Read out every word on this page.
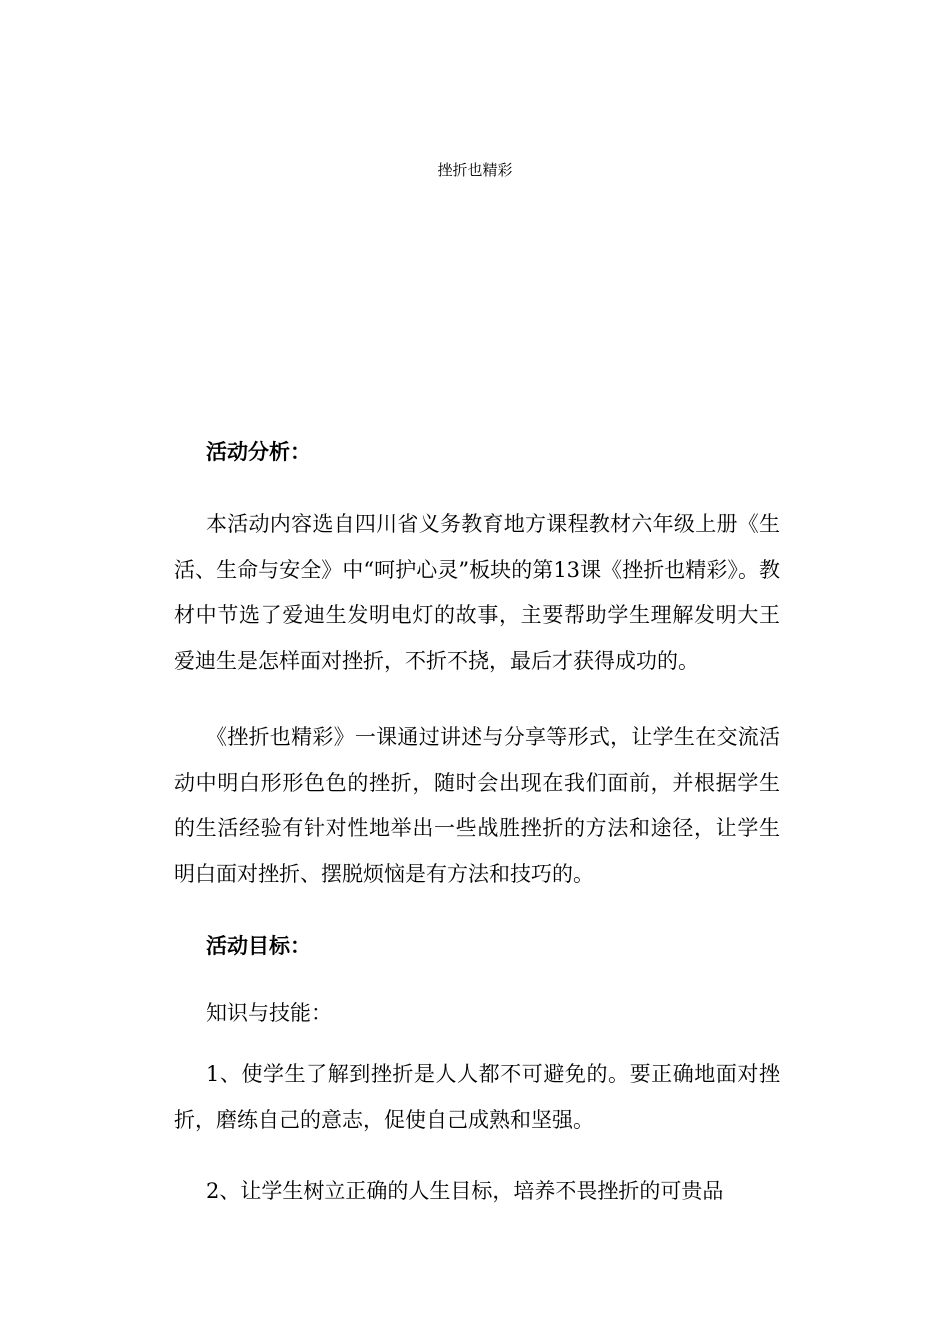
挫折也精彩

活动分析：

本活动内容选自四川省义务教育地方课程教材六年级上册《生活、生命与安全》中“呵护心灵”板块的第13课《挫折也精彩》。教材中节选了爱迪生发明电灯的故事，主要帮助学生理解发明大王爱迪生是怎样面对挫折，不折不挠，最后才获得成功的。

《挫折也精彩》一课通过讲述与分享等形式，让学生在交流活动中明白形形色色的挫折，随时会出现在我们面前，并根据学生的生活经验有针对性地举出一些战胜挫折的方法和途径，让学生明白面对挫折、摆脱烦恼是有方法和技巧的。

活动目标：

知识与技能：

1、使学生了解到挫折是人人都不可避免的。要正确地面对挫折，磨练自己的意志，促使自己成熟和坚强。

2、让学生树立正确的人生目标，培养不畏挫折的可贵品
